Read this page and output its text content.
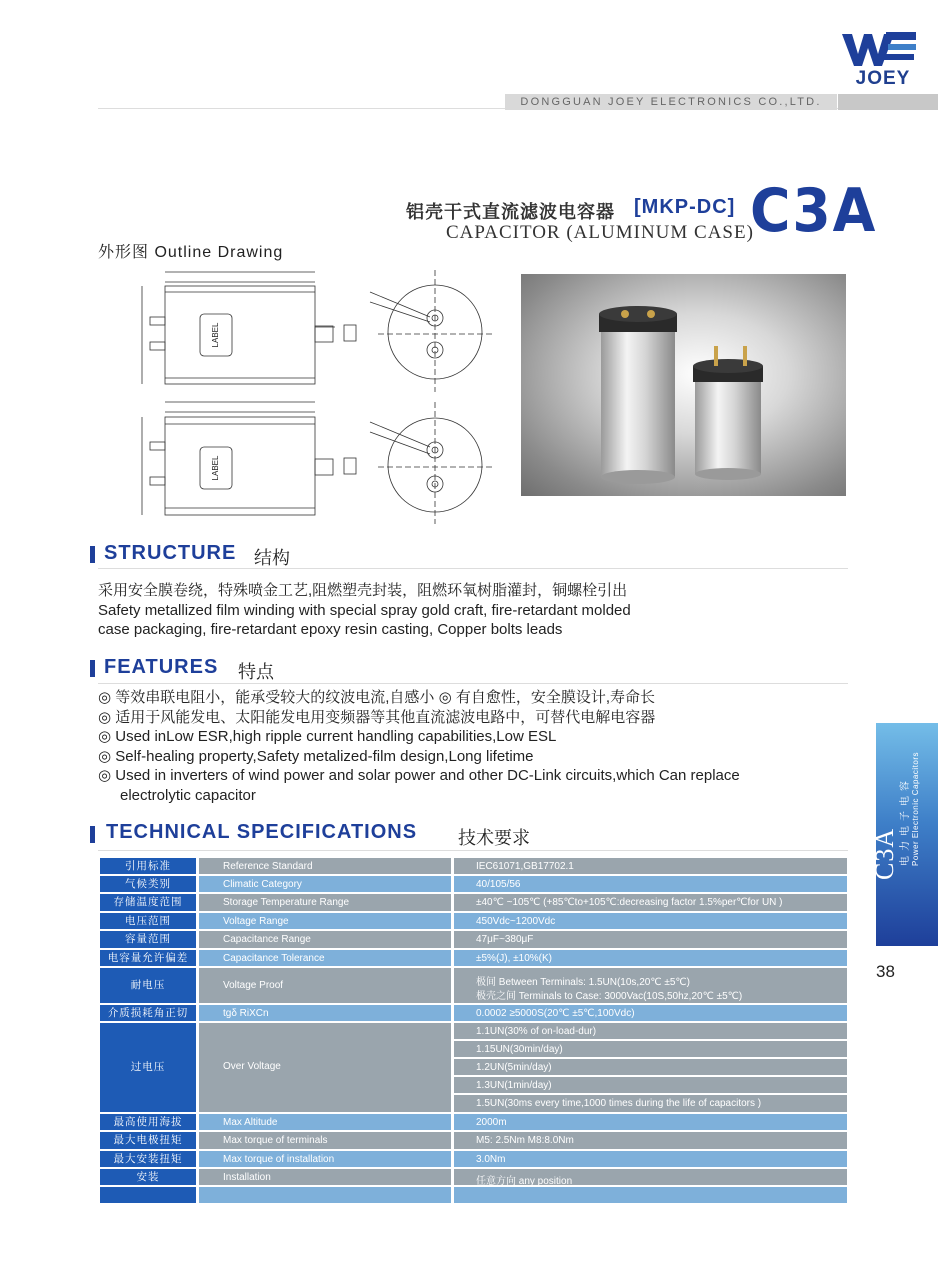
JOEY
DONGGUAN JOEY ELECTRONICS CO.,LTD.
铝壳干式直流滤波电容器 [MKP-DC]
CAPACITOR (ALUMINUM CASE)
C3A
外形图 Outline Drawing
LABEL
LABEL
STRUCTURE 结构
采用安全膜卷绕，特殊喷金工艺,阻燃塑壳封装，阻燃环氧树脂灌封，铜螺栓引出
Safety metallized film winding with special spray gold craft, fire-retardant molded
case packaging, fire-retardant epoxy resin casting, Copper bolts leads
FEATURES 特点
◎ 等效串联电阻小，能承受较大的纹波电流,自感小 ◎ 有自愈性，安全膜设计,寿命长
◎ 适用于风能发电、太阳能发电用变频器等其他直流滤波电路中，可替代电解电容器
◎ Used inLow ESR,high ripple current handling capabilities,Low ESL
◎ Self-healing property,Safety metalized-film design,Long lifetime
◎ Used in inverters of wind power and solar power and other DC-Link circuits,which Can replace
electrolytic capacitor
TECHNICAL SPECIFICATIONS 技术要求
引用标准	Reference Standard	IEC61071,GB17702.1
气候类别	Climatic Category	40/105/56
存储温度范围	Storage Temperature Range	±40℃ ~105℃ (+85℃to+105℃:decreasing factor 1.5%per℃for UN )
电压范围	Voltage Range	450Vdc~1200Vdc
容量范围	Capacitance Range	47μF~380μF
电容量允许偏差	Capacitance Tolerance	±5%(J), ±10%(K)
耐电压	Voltage Proof	极间 Between Terminals: 1.5UN(10s,20℃ ±5℃)
极壳之间 Terminals to Case: 3000Vac(10S,50hz,20℃ ±5℃)
介质损耗角正切	tgδ RiXCn	0.0002 ≥5000S(20℃ ±5℃,100Vdc)
过电压	Over Voltage
1.1UN(30% of on-load-dur)
1.15UN(30min/day)
1.2UN(5min/day)
1.3UN(1min/day)
1.5UN(30ms every time,1000 times during the life of capacitors )
最高使用海拔	Max Altitude	2000m
最大电极扭矩	Max torque of terminals	M5: 2.5Nm M8:8.0Nm
最大安装扭矩	Max torque of installation	3.0Nm
安装	Installation	任意方向 any position
C3A 电力电子电容 Power Electronic Capacitors
38
